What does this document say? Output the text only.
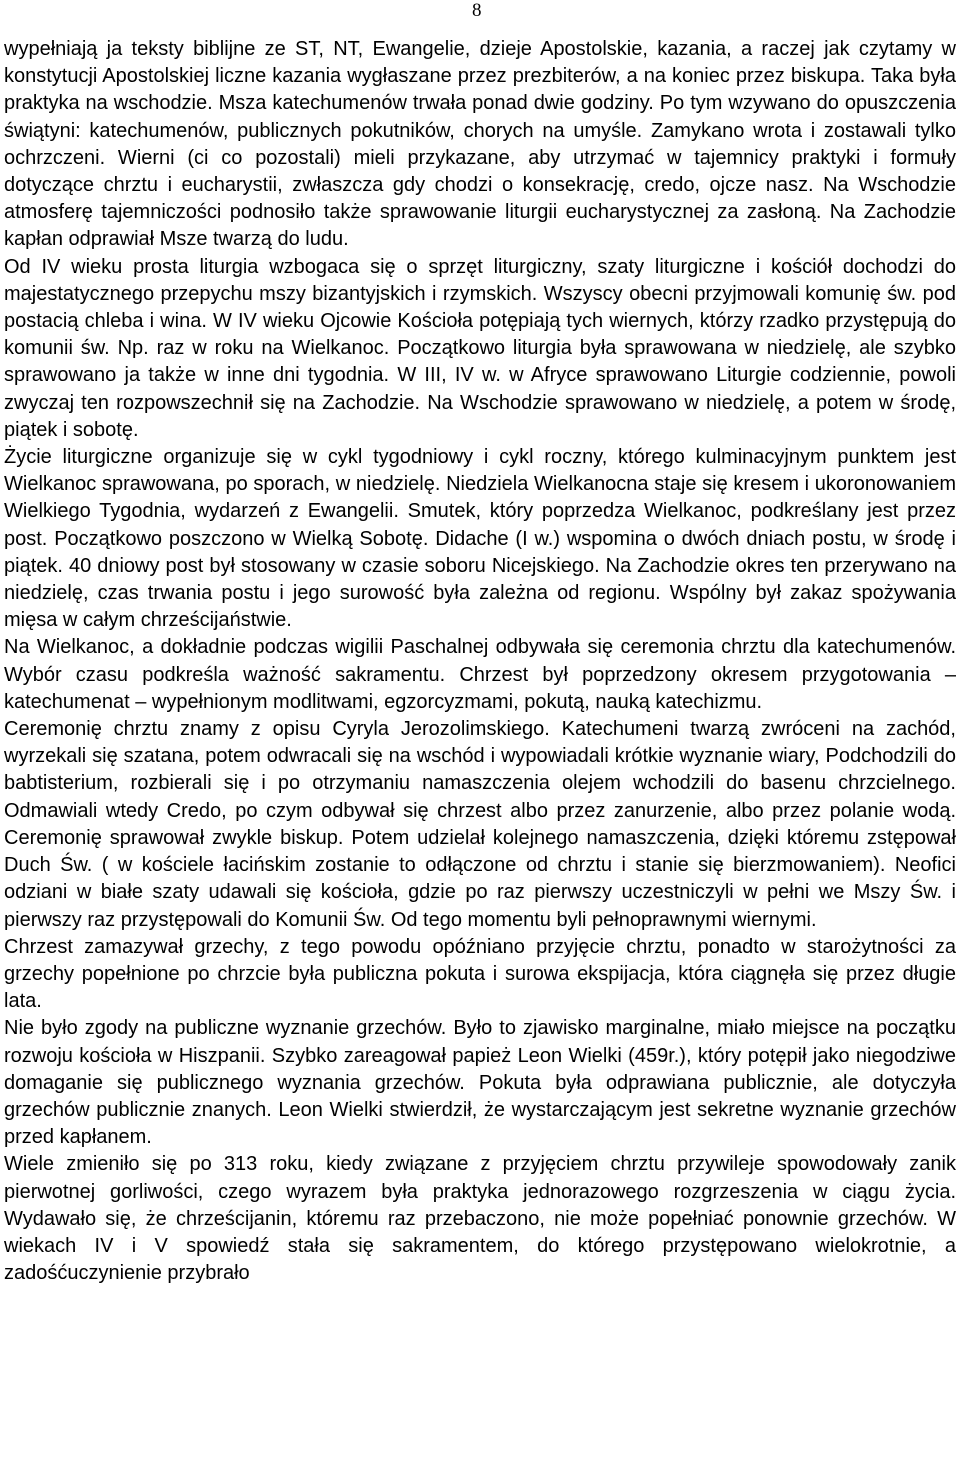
8

wypełniają ja teksty biblijne ze ST, NT, Ewangelie, dzieje Apostolskie, kazania, a raczej jak czytamy w konstytucji Apostolskiej liczne kazania wygłaszane przez prezbiterów, a na koniec przez biskupa. Taka była praktyka na wschodzie. Msza katechumenów trwała ponad dwie godziny. Po tym wzywano do opuszczenia świątyni: katechumenów, publicznych pokutników, chorych na umyśle. Zamykano wrota i zostawali tylko ochrzczeni. Wierni (ci co pozostali) mieli przykazane, aby utrzymać w tajemnicy praktyki i formuły dotyczące chrztu i eucharystii, zwłaszcza gdy chodzi o konsekrację, credo, ojcze nasz. Na Wschodzie atmosferę tajemniczości podnosiło także sprawowanie liturgii eucharystycznej za zasłoną. Na Zachodzie kapłan odprawiał Msze twarzą do ludu.

Od IV wieku prosta liturgia wzbogaca się o sprzęt liturgiczny, szaty liturgiczne i kościół dochodzi do majestatycznego przepychu mszy bizantyjskich i rzymskich. Wszyscy obecni przyjmowali komunię św. pod postacią chleba i wina. W IV wieku Ojcowie Kościoła potępiają tych wiernych, którzy rzadko przystępują do komunii św. Np. raz w roku na Wielkanoc. Początkowo liturgia była sprawowana w niedzielę, ale szybko sprawowano ja także w inne dni tygodnia. W III, IV w. w Afryce sprawowano Liturgie codziennie, powoli zwyczaj ten rozpowszechnił się na Zachodzie. Na Wschodzie sprawowano w niedzielę, a potem w środę, piątek i sobotę.

Życie liturgiczne organizuje się w cykl tygodniowy i cykl roczny, którego kulminacyjnym punktem jest Wielkanoc sprawowana, po sporach, w niedzielę. Niedziela Wielkanocna staje się kresem i ukoronowaniem Wielkiego Tygodnia, wydarzeń z Ewangelii. Smutek, który poprzedza Wielkanoc, podkreślany jest przez post. Początkowo poszczono w Wielką Sobotę. Didache (I w.) wspomina o dwóch dniach postu, w środę i piątek. 40 dniowy post był stosowany w czasie soboru Nicejskiego. Na Zachodzie okres ten przerywano na niedzielę, czas trwania postu i jego surowość była zależna od regionu. Wspólny był zakaz spożywania mięsa w całym chrześcijaństwie.

Na Wielkanoc, a dokładnie podczas wigilii Paschalnej odbywała się ceremonia chrztu dla katechumenów. Wybór czasu podkreśla ważność sakramentu. Chrzest był poprzedzony okresem przygotowania – katechumenat – wypełnionym modlitwami, egzorcyzmami, pokutą, nauką katechizmu.

Ceremonię chrztu znamy z opisu Cyryla Jerozolimskiego. Katechumeni twarzą zwróceni na zachód, wyrzekali się szatana, potem odwracali się na wschód i wypowiadali krótkie wyznanie wiary, Podchodzili do babtisterium, rozbierali się i po otrzymaniu namaszczenia olejem wchodzili do basenu chrzcielnego. Odmawiali wtedy Credo, po czym odbywał się chrzest albo przez zanurzenie, albo przez polanie wodą. Ceremonię sprawował zwykle biskup. Potem udzielał kolejnego namaszczenia, dzięki któremu zstępował Duch Św. ( w kościele łacińskim zostanie to odłączone od chrztu i stanie się bierzmowaniem). Neofici odziani w białe szaty udawali się kościoła, gdzie po raz pierwszy uczestniczyli w pełni we Mszy Św. i pierwszy raz przystępowali do Komunii Św. Od tego momentu byli pełnoprawnymi wiernymi.

Chrzest zamazywał grzechy, z tego powodu opóźniano przyjęcie chrztu, ponadto w starożytności za grzechy popełnione po chrzcie była publiczna pokuta i surowa ekspijacja, która ciągnęła się przez długie lata.

Nie było zgody na publiczne wyznanie grzechów. Było to zjawisko marginalne, miało miejsce na początku rozwoju kościoła w Hiszpanii. Szybko zareagował papież Leon Wielki (459r.), który potępił jako niegodziwe domaganie się publicznego wyznania grzechów. Pokuta była odprawiana publicznie, ale dotyczyła grzechów publicznie znanych. Leon Wielki stwierdził, że wystarczającym jest sekretne wyznanie grzechów przed kapłanem.

Wiele zmieniło się po 313 roku, kiedy związane z przyjęciem chrztu przywileje spowodowały zanik pierwotnej gorliwości, czego wyrazem była praktyka jednorazowego rozgrzeszenia w ciągu życia. Wydawało się, że chrześcijanin, któremu raz przebaczono, nie może popełniać ponownie grzechów. W wiekach IV i V spowiedź stała się sakramentem, do którego przystępowano wielokrotnie, a zadośćuczynienie przybrało
